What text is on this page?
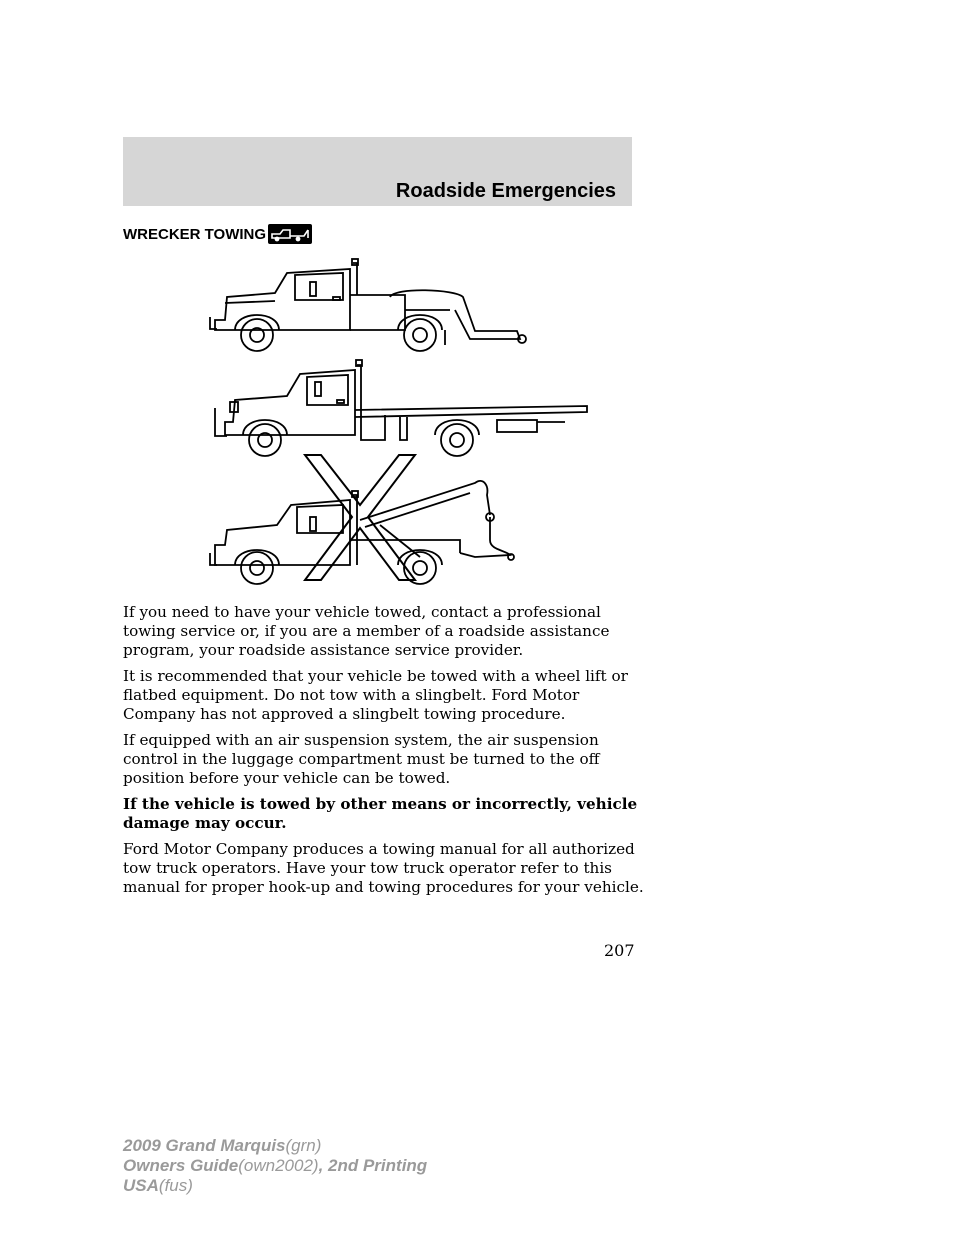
Roadside Emergencies
WRECKER TOWING

If you need to have your vehicle towed, contact a professional towing service or, if you are a member of a roadside assistance program, your roadside assistance service provider.

It is recommended that your vehicle be towed with a wheel lift or flatbed equipment. Do not tow with a slingbelt. Ford Motor Company has not approved a slingbelt towing procedure.

If equipped with an air suspension system, the air suspension control in the luggage compartment must be turned to the off position before your vehicle can be towed.

If the vehicle is towed by other means or incorrectly, vehicle damage may occur.

Ford Motor Company produces a towing manual for all authorized tow truck operators. Have your tow truck operator refer to this manual for proper hook-up and towing procedures for your vehicle.

207
2009 Grand Marquis(grn)
Owners Guide(own2002), 2nd Printing
USA(fus)
